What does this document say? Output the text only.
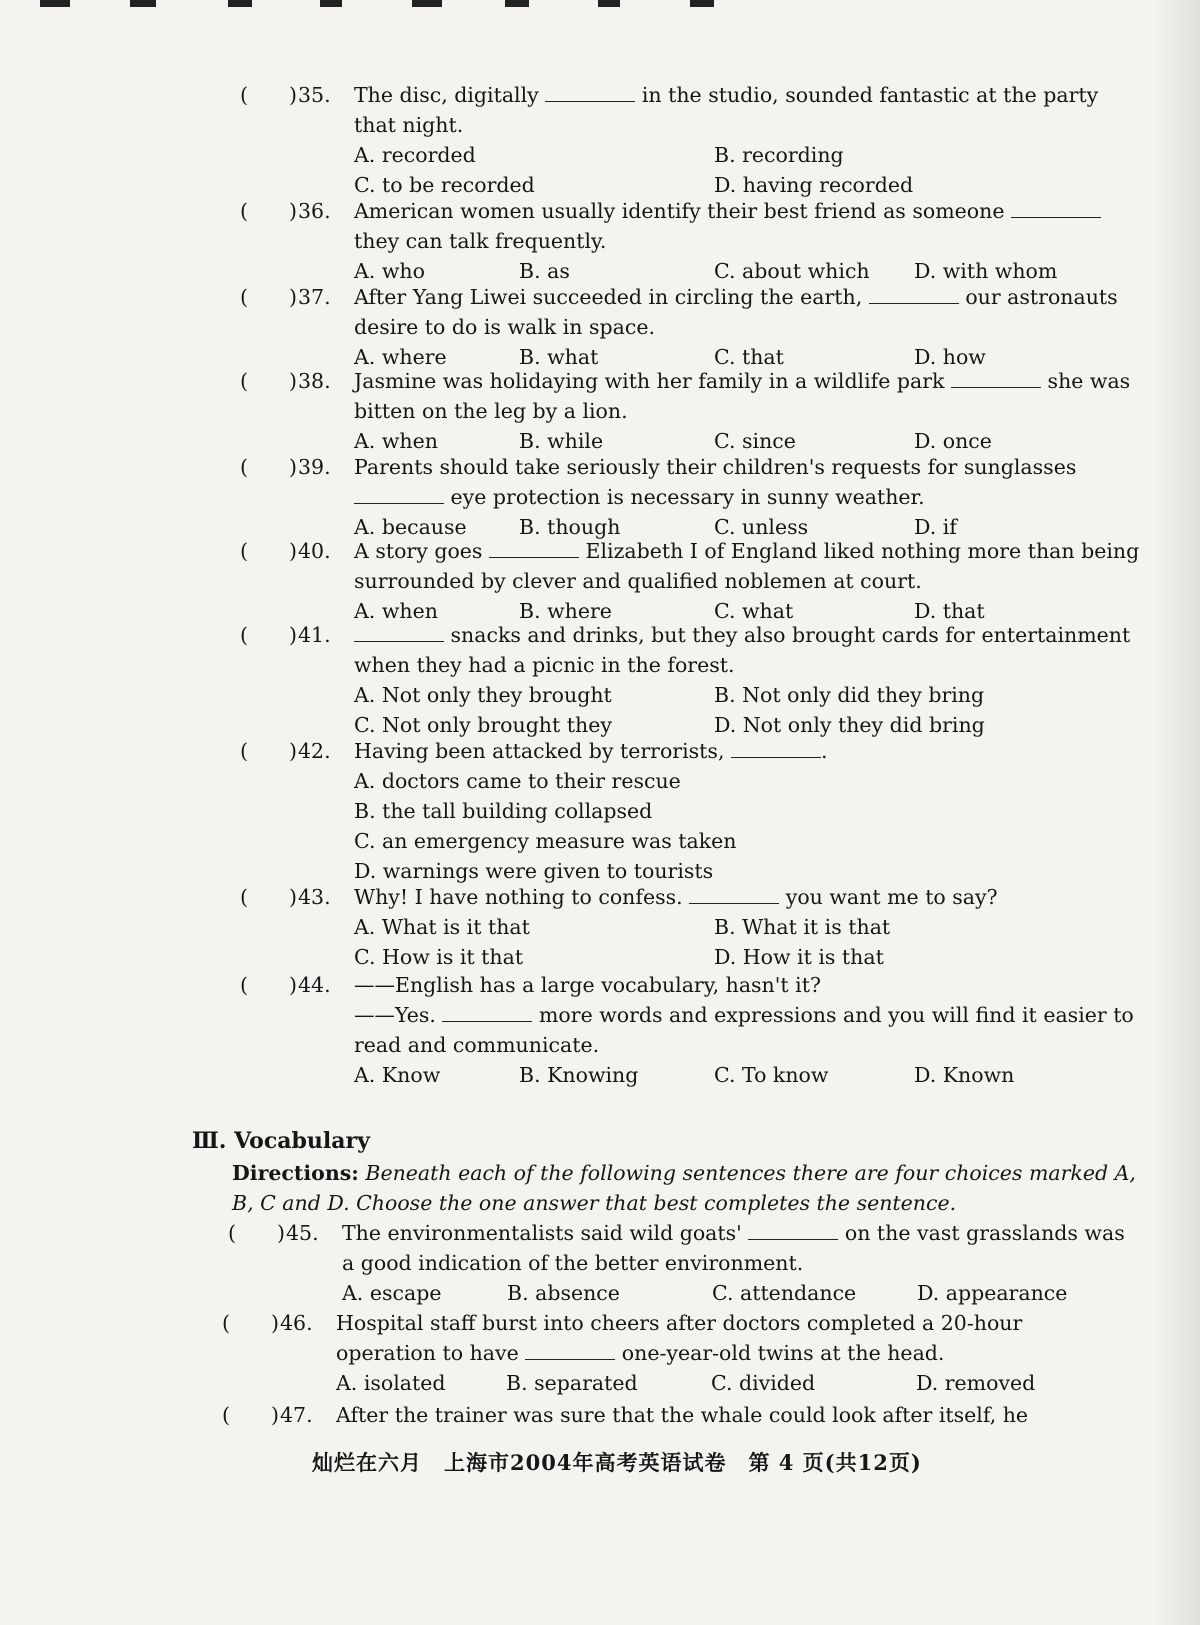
(　　) 35. The disc, digitally	in the studio, sounded fantastic at the party that night.
A. recorded	B. recording
C. to be recorded	D. having recorded
(　　) 36. American women usually identify their best friend as someone  they can talk frequently.
A. who	B. as	C. about which D. with whom
(　　) 37. After Yang Liwei succeeded in circling the earth,	our astronauts desire to do is walk in space.
A. where	B. what	C. that	D. how
(　　) 38. Jasmine was holidaying with her family in a wildlife park	she was bitten on the leg by a lion.
A. when	B. while	C. since	D. once
(　　) 39. Parents should take seriously their children's requests for sunglasses  eye protection is necessary in sunny weather.
A. because	B. though	C. unless	D. if
(　　) 40. A story goes	Elizabeth I of England liked nothing more than being surrounded by clever and qualified noblemen at court.
A. when	B. where	C. what	D. that
(　　) 41.	snacks and drinks, but they also brought cards for entertainment when they had a picnic in the forest.
A. Not only they brought	B. Not only did they bring
C. Not only brought they	D. Not only they did bring
(　　) 42. Having been attacked by terrorists,	.
A. doctors came to their rescue
B. the tall building collapsed
C. an emergency measure was taken
D. warnings were given to tourists
(　　) 43. Why! I have nothing to confess.	you want me to say?
A. What is it that	B. What it is that
C. How is it that	D. How it is that
(　　) 44. ——English has a large vocabulary, hasn't it?
——Yes.	more words and expressions and you will find it easier to read and communicate.
A. Know	B. Knowing	C. To know	D. Known
Ⅲ. Vocabulary
Directions: Beneath each of the following sentences there are four choices marked A, B, C and D. Choose the one answer that best completes the sentence.
(　　) 45. The environmentalists said wild goats'	on the vast grasslands was a good indication of the better environment.
A. escape	B. absence	C. attendance	D. appearance
(　　) 46. Hospital staff burst into cheers after doctors completed a 20-hour operation to have	one-year-old twins at the head.
A. isolated	B. separated	C. divided	D. removed
(　　) 47. After the trainer was sure that the whale could look after itself, he
灿烂在六月　上海市2004年高考英语试卷　第 4 页(共12页)
